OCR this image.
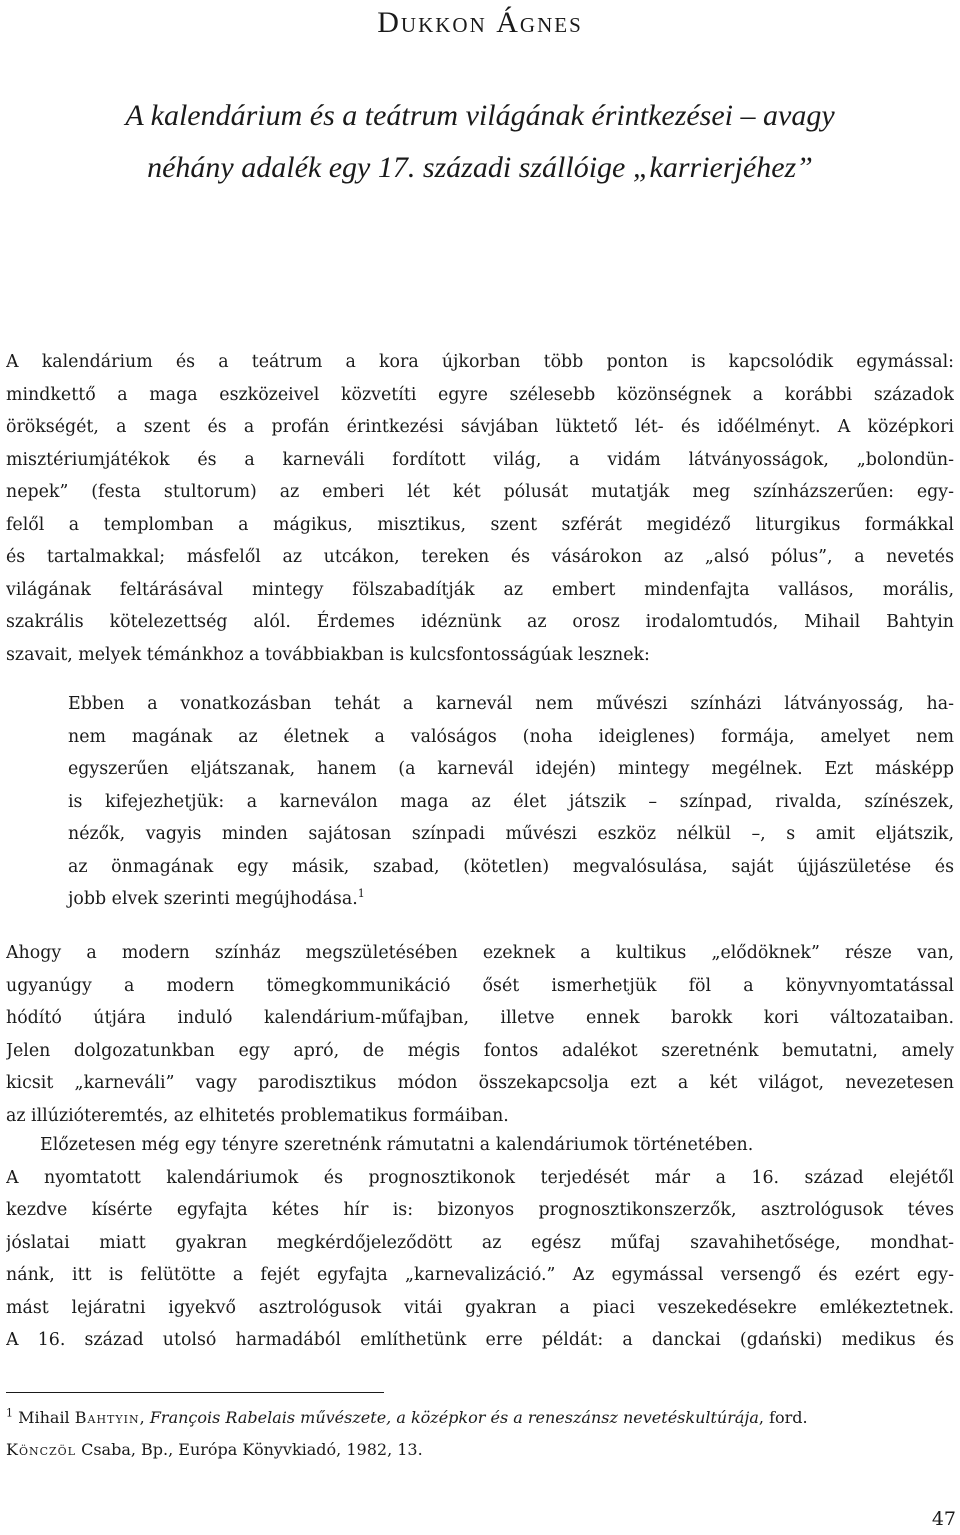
Dukkon Ágnes
A kalendárium és a teátrum világának érintkezései – avagy
néhány adalék egy 17. századi szállóige „karrierjéhez”
A kalendárium és a teátrum a kora újkorban több ponton is kapcsolódik egymással:
mindkettő a maga eszközeivel közvetíti egyre szélesebb közönségnek a korábbi századok
örökségét, a szent és a profán érintkezési sávjában lüktető lét- és időélményt. A középkori
misztériumjátékok és a karneváli fordított világ, a vidám látványosságok, „bolondün-
nepek” (festa stultorum) az emberi lét két pólusát mutatják meg színházszerűen: egy-
felől a templomban a mágikus, misztikus, szent szférát megidéző liturgikus formákkal
és tartalmakkal; másfelől az utcákon, tereken és vásárokon az „alsó pólus”, a nevetés
világának feltárásával mintegy fölszabadítják az embert mindenfajta vallásos, morális,
szakrális kötelezettség alól. Érdemes idéznünk az orosz irodalomtudós, Mihail Bahtyin
szavait, melyek témánkhoz a továbbiakban is kulcsfontosságúak lesznek:
Ebben a vonatkozásban tehát a karnevál nem művészi színházi látványosság, ha-
nem magának az életnek a valóságos (noha ideiglenes) formája, amelyet nem
egyszerűen eljátszanak, hanem (a karnevál idején) mintegy megélnek. Ezt másképp
is kifejezhetjük: a karneválon maga az élet játszik – színpad, rivalda, színészek,
nézők, vagyis minden sajátosan színpadi művészi eszköz nélkül –, s amit eljátszik,
az önmagának egy másik, szabad, (kötetlen) megvalósulása, saját újjászületése és
jobb elvek szerinti megújhodása.$^1$
Ahogy a modern színház megszületésében ezeknek a kultikus „elődöknek” része van,
ugyanúgy a modern tömegkommunikáció ősét ismerhetjük föl a könyvnyomtatással
hódító útjára induló kalendárium-műfajban, illetve ennek barokk kori változataiban.
Jelen dolgozatunkban egy apró, de mégis fontos adalékot szeretnénk bemutatni, amely
kicsit „karneváli” vagy parodisztikus módon összekapcsolja ezt a két világot, nevezetesen
az illúzióteremtés, az elhitetés problematikus formáiban.
Előzetesen még egy tényre szeretnénk rámutatni a kalendáriumok történetében.
A nyomtatott kalendáriumok és prognosztikonok terjedését már a 16. század elejétől
kezdve kísérte egyfajta kétes hír is: bizonyos prognosztikonszerzők, asztrológusok téves
jóslatai miatt gyakran megkérdőjeleződött az egész műfaj szavahihetősége, mondhat-
nánk, itt is felütötte a fejét egyfajta „karnevalizáció.” Az egymással versengő és ezért egy-
mást lejáratni igyekvő asztrológusok vitái gyakran a piaci veszekedésekre emlékeztetnek.
A 16. század utolsó harmadából említhetünk erre példát: a danckai (gdański) medikus és
$^1$ Mihail Bahtyin, François Rabelais művészete, a középkor és a reneszánsz nevetéskultúrája, ford.
Könczöl Csaba, Bp., Európa Könyvkiadó, 1982, 13.
47
